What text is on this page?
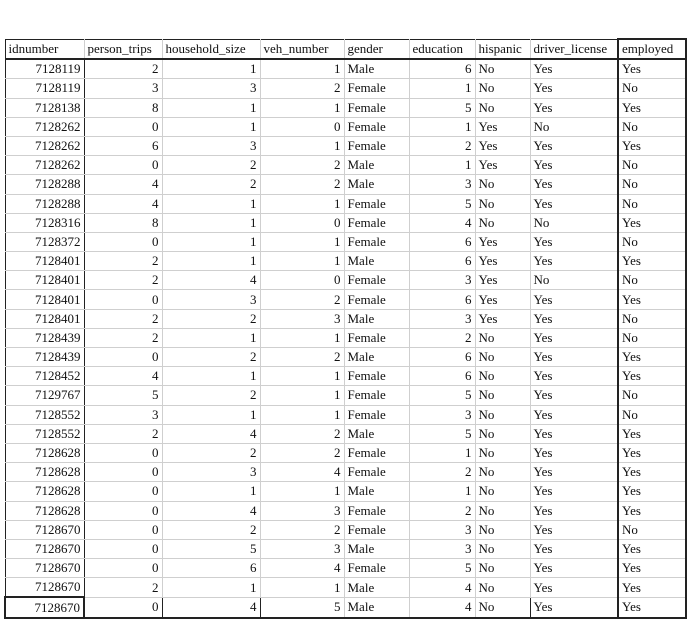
idnumber	person_trips	household_size	veh_number	gender	education	hispanic	driver_license	employed
7128119	2	1	1	Male	6	No	Yes	Yes
7128119	3	3	2	Female	1	No	Yes	No
7128138	8	1	1	Female	5	No	Yes	Yes
7128262	0	1	0	Female	1	Yes	No	No
7128262	6	3	1	Female	2	Yes	Yes	Yes
7128262	0	2	2	Male	1	Yes	Yes	No
7128288	4	2	2	Male	3	No	Yes	No
7128288	4	1	1	Female	5	No	Yes	No
7128316	8	1	0	Female	4	No	No	Yes
7128372	0	1	1	Female	6	Yes	Yes	No
7128401	2	1	1	Male	6	Yes	Yes	Yes
7128401	2	4	0	Female	3	Yes	No	No
7128401	0	3	2	Female	6	Yes	Yes	Yes
7128401	2	2	3	Male	3	Yes	Yes	No
7128439	2	1	1	Female	2	No	Yes	No
7128439	0	2	2	Male	6	No	Yes	Yes
7128452	4	1	1	Female	6	No	Yes	Yes
7129767	5	2	1	Female	5	No	Yes	No
7128552	3	1	1	Female	3	No	Yes	No
7128552	2	4	2	Male	5	No	Yes	Yes
7128628	0	2	2	Female	1	No	Yes	Yes
7128628	0	3	4	Female	2	No	Yes	Yes
7128628	0	1	1	Male	1	No	Yes	Yes
7128628	0	4	3	Female	2	No	Yes	Yes
7128670	0	2	2	Female	3	No	Yes	No
7128670	0	5	3	Male	3	No	Yes	Yes
7128670	0	6	4	Female	5	No	Yes	Yes
7128670	2	1	1	Male	4	No	Yes	Yes
7128670	0	4	5	Male	4	No	Yes	Yes
